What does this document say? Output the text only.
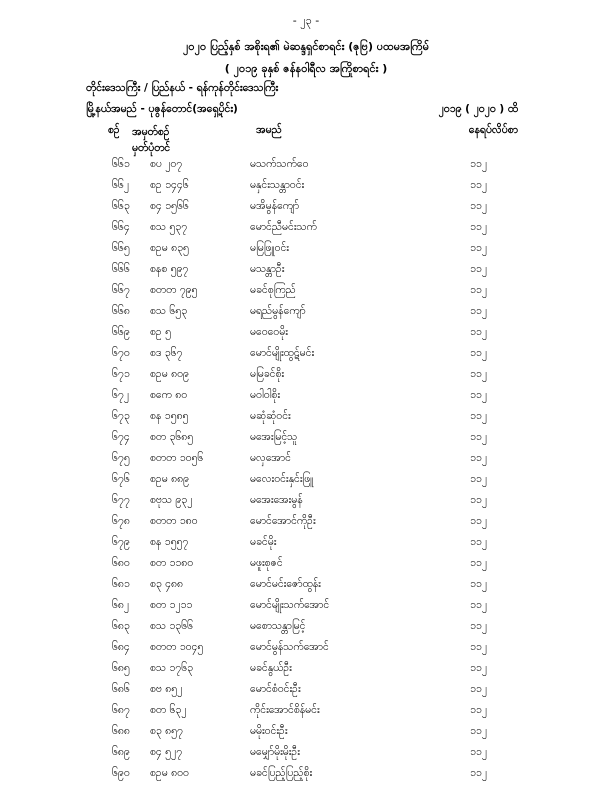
- ၂၃ -
၂၀၂၀ ပြည့်နှစ် အစိုးရ၏ မဲဆန္ဒရှင်စာရင်း (ဇုဗြ) ပထမအကြိမ်
( ၂၀၁၉ ခုနှစ် ဇန်နဝါရီလ အကြိုစာရင်း )
တိုင်းဒေသကြီး / ပြည်နယ် - ရန်ကုန်တိုင်းဒေသကြီး
မြို့နယ်အမည် - ပုဇွန်တောင်(အရှေ့ပိုင်း)	၂၀၁၉ ( ၂၀၂၀ ) ထိ
စဉ် အမှတ်စဉ်
မှတ်ပုံတင်
အမည်	နေရပ်လိပ်စာ
၆၆၁ စပ ၂၀၇	မသက်သက်ဝေ	၁၁၂
၆၆၂ စဥ ၁၄၄၆	မနှင်းသန္တာဝင်း	၁၁၂
၆၆၃ စ၄ ၁၅၆၆	မအိမွန်ကျော်	၁၁၂
၆၆၄ စသ ၅၃၇	မောင်ညီမင်းသက်	၁၁၂
၆၆၅ စဥမ ၈၃၅	မမြဖြူဝင်း	၁၁၂
၆၆၆ စနစ ၅၉၇	မသန္တာဦး	၁၁၂
၆၆၇ စတတ ၇၉၅	မခင်စုကြည်	၁၁၂
၆၆၈ စသ ၆၅၃	မရည်မွန်ကျော်	၁၁၂
၆၆၉ စဥ ၅	မဝေဝေမိုး	၁၁၂
၆၇၀ စဒ ၃၆၇	မောင်မျိုးထွဋ်မင်း	၁၁၂
၆၇၁ စဥမ ၈၀၉	မမြခင်စိုး	၁၁၂
၆၇၂ စကေ ၈၀	မဝါဝါစိုး	၁၁၂
၆၇၃ စန ၁၅၈၅	မဆုံဆုံဝင်း	၁၁၂
၆၇၄ စတ ၃၆၈၅	မအေးမြင့်သူ	၁၁၂
၆၇၅ စတတ ၁၀၅၆	မလှအောင်	၁၁၂
၆၇၆ စဥမ ၈၈၉	မလေးဝင်းနှင်းဖြူ	၁၁၂
၆၇၇ စဗုသ ၉၃၂	မအေးအေးမွန်	၁၁၂
၆၇၈ စတတ ၁၈၀	မောင်အောင်ကိုဦး	၁၁၂
၆၇၉ စန ၁၅၅၇	မခင်မိုး	၁၁၂
၆၈၀ စတ ၁၁၈၀	မဖူးစုဇင်	၁၁၂
၆၈၁ စ၃ ၄၈၈	မောင်မင်းဇော်ထွန်း	၁၁၂
၆၈၂ စတ ၁၂၁၁	မောင်မျိုးသက်အောင်	၁၁၂
၆၈၃ စသ ၁၃၆၆	မစောသန္တာမြင့်	၁၁၂
၆၈၄ စတတ ၁၀၄၅	မောင်မွန်သက်အောင်	၁၁၂
၆၈၅ စသ ၁၇၆၃	မခင်နွယ်ဦး	၁၁၂
၆၈၆ စဗ ၈၅၂	မောင်စံဝင်းဦး	၁၁၂
၆၈၇ စတ ၆၃၂	ကိုင်းအောင်စိန်မင်း	၁၁၂
၆၈၈ စ၃ ၈၅၇	မမိုးဝင်းဦး	၁၁၂
၆၈၉ စ၄ ၅၂၇	မမျှော်မိုးမိုးဦး	၁၁၂
၆၉၀ စဥမ ၈၀၀	မခင်ပြည့်ပြည့်စိုး	၁၁၂
